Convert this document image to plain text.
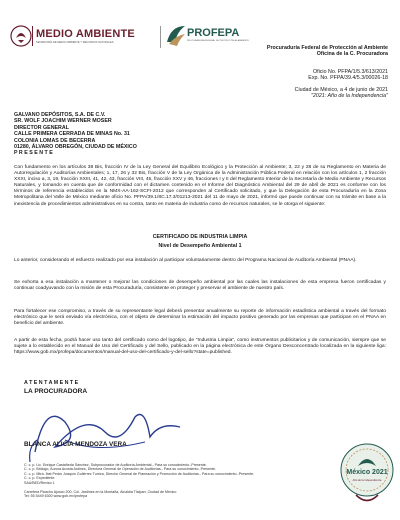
MEDIO AMBIENTE
SECRETARÍA DE MEDIO AMBIENTE Y RECURSOS NATURALES
PROFEPA
PROCURADURÍA FEDERAL DE PROTECCIÓN AL AMBIENTE
Procuraduría Federal de Protección al Ambiente
Oficina de la C. Procuradora
Oficio No. PFPA/1/5.3/613/2021
Exp. No. PFPA/39.4/5.3/00026-18
Ciudad de México, a 4 de junio de 2021
"2021: Año de la Independencia"
GALVANO DEPÓSITOS, S.A. DE C.V.
SR. WOLF JOACHIM WERNER MOSER
DIRECTOR GENERAL
CALLE PRIMERA CERRADA DE MINAS No. 31
COLONIA LOMAS DE BECERRA
01280, ÁLVARO OBREGÓN, CIUDAD DE MÉXICO
P R E S E N T E
Con fundamento en los artículos 38 Bis, fracción IV de la Ley General del Equilibrio Ecológico y la Protección al Ambiente; 3, 22 y 28 de su Reglamento en Materia de Autorregulación y Auditorías Ambientales; 1, 17, 26 y 32 Bis, fracción V de la Ley Orgánica de la Administración Pública Federal en relación con los artículos 1, 2 fracción XXXI, inciso a, 3, 19, fracción XXIII, 41, 42, 43, fracción VIII, 45, fracción XXV y 46, fracciones I y II del Reglamento Interior de la Secretaría de Medio Ambiente y Recursos Naturales, y tomando en cuenta que de conformidad con el dictamen contenido en el Informe del Diagnóstico Ambiental del 29 de abril de 2021 es conforme con los términos de referencia establecidos en la NMX-AA-162-SCFI-2012 que corresponden al Certificado solicitado, y que la Delegación de esta Procuraduría en la Zona Metropolitana del Valle de México mediante oficio No. PFPA/39.1/8C.17.3/01213-2021 del 11 de mayo de 2021, informó que puede continuar con su trámite en base a la inexistencia de procedimientos administrativos en su contra, tanto en materia de industria como de recursos naturales, se le otorga el siguiente:
CERTIFICADO DE INDUSTRIA LIMPIA
Nivel de Desempeño Ambiental 1
Lo anterior, considerando el esfuerzo realizado por esa instalación al participar voluntariamente dentro del Programa Nacional de Auditoría Ambiental (PNAA).
Se exhorta a esa instalación a mantener o mejorar las condiciones de desempeño ambiental por las cuales las instalaciones de esta empresa fueron certificadas y continuar coadyuvando con la misión de esta Procuraduría, consistente en proteger y preservar el ambiente de nuestro país.
Para fortalecer ese compromiso, a través de su representante legal deberá presentar anualmente su reporte de información estadística ambiental a través del formato electrónico que le será enviado vía electrónica, con el objeto de determinar la estimación del impacto positivo generado por las empresas que participan en el PNAA en beneficio del ambiente.
A partir de esta fecha, podrá hacer uso tanto del certificado como del logotipo, de "Industria Limpia", como instrumentos publicitarios y de comunicación, siempre que se sujete a lo establecido en el Manual de Uso del Certificado y del Sello, publicado en la página electrónica de este Órgano Desconcentrado localizada en la siguiente liga: https://www.gob.mx/profepa/documentos/manual-del-uso-del-certificado-y-del-sello?state=published.
A T E N T A M E N T E
LA PROCURADORA
BLANCA ALICIA MENDOZA VERA
C. c. p. Lic. Enrique Castañeda Sánchez, Subprocurador de Auditoría Ambiental.- Para su conocimiento.-Presente.
C. c. p. Biólogo, Aurora Acosta Ardines, Directora General de Operación de Auditorías.- Para su conocimiento.-Presente.
C. c. p. Mtra. Ibet Pedro Joaquín Gutiérrez Turriza, Director General de Planeación y Promoción de Auditorías.- Para su conocimiento.-Presente.
C. c. p. Expediente.
SAA/BED/Revisó 1
Carretera Picacho Ajusco 200, Col. Jardines en la Montaña, Alcaldía Tlalpan, Ciudad de México
Tel: 55 5449 6300 www.gob.mx/profepa
México 2021
Año de la Independencia
